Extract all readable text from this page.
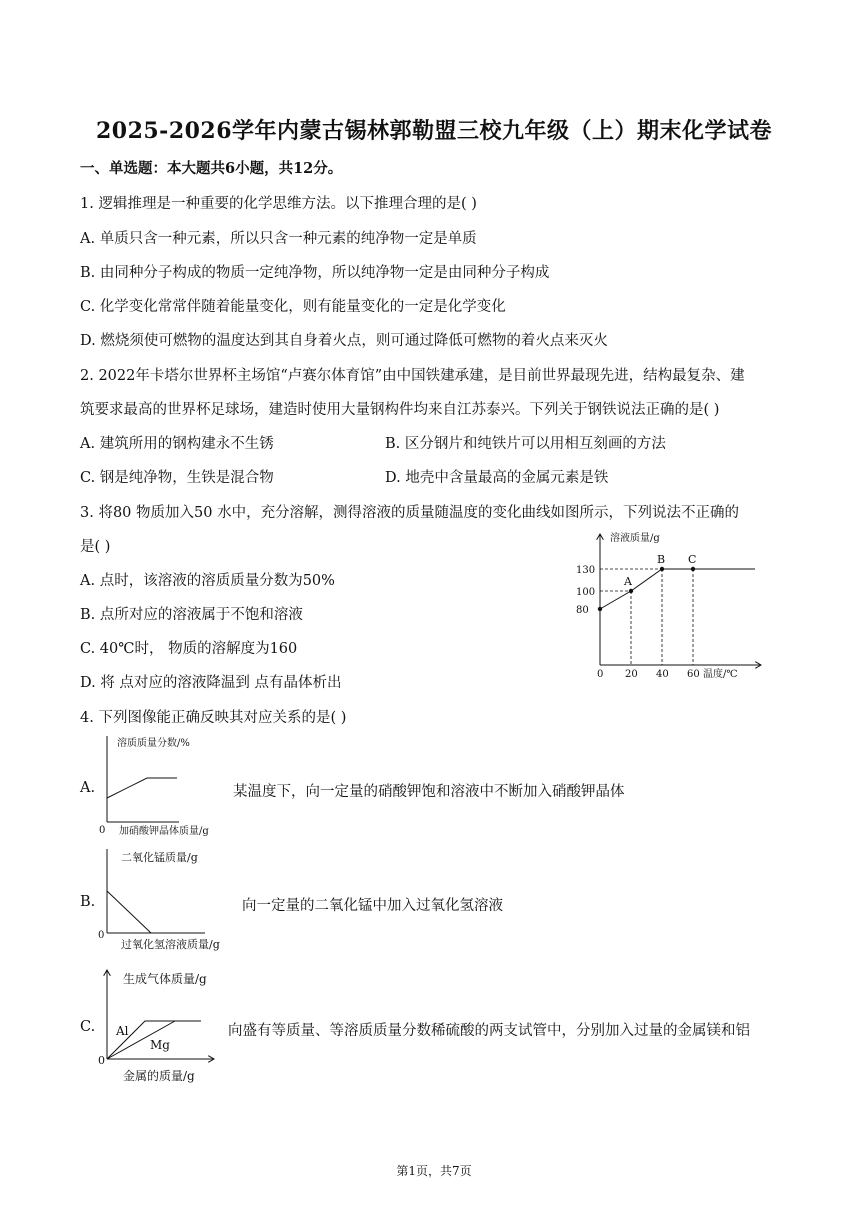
2025-2026学年内蒙古锡林郭勒盟三校九年级（上）期末化学试卷
一、单选题：本大题共6小题，共12分。
1. 逻辑推理是一种重要的化学思维方法。以下推理合理的是( )
A. 单质只含一种元素，所以只含一种元素的纯净物一定是单质
B. 由同种分子构成的物质一定纯净物，所以纯净物一定是由同种分子构成
C. 化学变化常常伴随着能量变化，则有能量变化的一定是化学变化
D. 燃烧须使可燃物的温度达到其自身着火点，则可通过降低可燃物的着火点来灭火
2. 2022年卡塔尔世界杯主场馆“卢赛尔体育馆”由中国铁建承建，是目前世界最现先进，结构最复杂、建
筑要求最高的世界杯足球场，建造时使用大量钢构件均来自江苏泰兴。下列关于钢铁说法正确的是( )
A. 建筑所用的钢构建永不生锈	B. 区分钢片和纯铁片可以用相互刻画的方法
C. 钢是纯净物，生铁是混合物	D. 地壳中含量最高的金属元素是铁
3. 将80 物质加入50 水中，充分溶解，测得溶液的质量随温度的变化曲线如图所示，下列说法不正确的
是( )
A. 点时，该溶液的溶质质量分数为50%
B. 点所对应的溶液属于不饱和溶液
C. 40℃时， 物质的溶解度为160
D. 将 点对应的溶液降温到 点有晶体析出
溶液质量/g
温度/℃
0
A
B C
80
100
130
20 40 60
4. 下列图像能正确反映其对应关系的是( )
A.
溶质质量分数/%
0 加硝酸钾晶体质量/g
某温度下，向一定量的硝酸钾饱和溶液中不断加入硝酸钾晶体
B.
二氧化锰质量/g
0
过氧化氢溶液质量/g
向一定量的二氧化锰中加入过氧化氢溶液
C.
生成气体质量/g
Al
Mg
0
金属的质量/g
向盛有等质量、等溶质质量分数稀硫酸的两支试管中，分别加入过量的金属镁和铝
第1页，共7页
